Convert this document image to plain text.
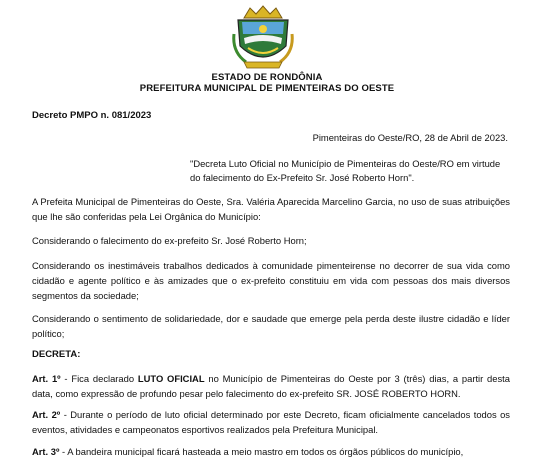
ESTADO DE RONDÔNIA
PREFEITURA MUNICIPAL DE PIMENTEIRAS DO OESTE
Decreto PMPO n. 081/2023
Pimenteiras do Oeste/RO, 28 de Abril de 2023.
"Decreta Luto Oficial no Município de Pimenteiras do Oeste/RO em virtude do falecimento do Ex-Prefeito Sr. José Roberto Horn".

A Prefeita Municipal de Pimenteiras do Oeste, Sra. Valéria Aparecida Marcelino Garcia, no uso de suas atribuições que lhe são conferidas pela Lei Orgânica do Município:

Considerando o falecimento do ex-prefeito Sr. José Roberto Horn;

Considerando os inestimáveis trabalhos dedicados à comunidade pimenteirense no decorrer de sua vida como cidadão e agente político e às amizades que o ex-prefeito constituiu em vida com pessoas dos mais diversos segmentos da sociedade;

Considerando o sentimento de solidariedade, dor e saudade que emerge pela perda deste ilustre cidadão e líder político;

DECRETA:

Art. 1º - Fica declarado LUTO OFICIAL no Município de Pimenteiras do Oeste por 3 (três) dias, a partir desta data, como expressão de profundo pesar pelo falecimento do ex-prefeito SR. JOSÉ ROBERTO HORN.

Art. 2º - Durante o período de luto oficial determinado por este Decreto, ficam oficialmente cancelados todos os eventos, atividades e campeonatos esportivos realizados pela Prefeitura Municipal.

Art. 3º - A bandeira municipal ficará hasteada a meio mastro em todos os órgãos públicos do município,
